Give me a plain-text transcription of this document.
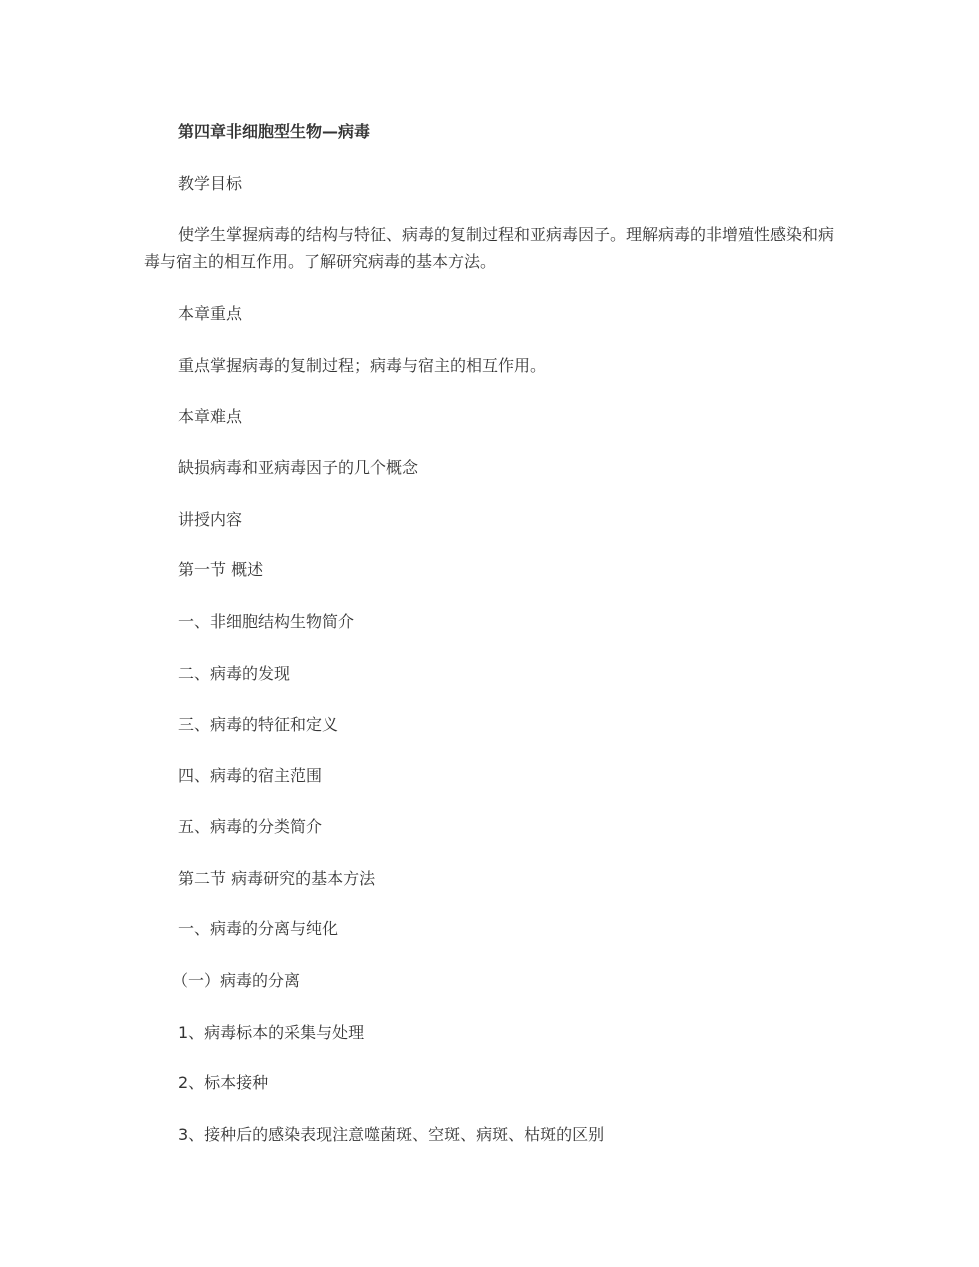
第四章非细胞型生物—病毒
教学目标
使学生掌握病毒的结构与特征、病毒的复制过程和亚病毒因子。理解病毒的非增殖性感染和病毒与宿主的相互作用。了解研究病毒的基本方法。
本章重点
重点掌握病毒的复制过程；病毒与宿主的相互作用。
本章难点
缺损病毒和亚病毒因子的几个概念
讲授内容
第一节 概述
一、非细胞结构生物简介
二、病毒的发现
三、病毒的特征和定义
四、病毒的宿主范围
五、病毒的分类简介
第二节 病毒研究的基本方法
一、病毒的分离与纯化
（一）病毒的分离
1、病毒标本的采集与处理
2、标本接种
3、接种后的感染表现注意噬菌斑、空斑、病斑、枯斑的区别
